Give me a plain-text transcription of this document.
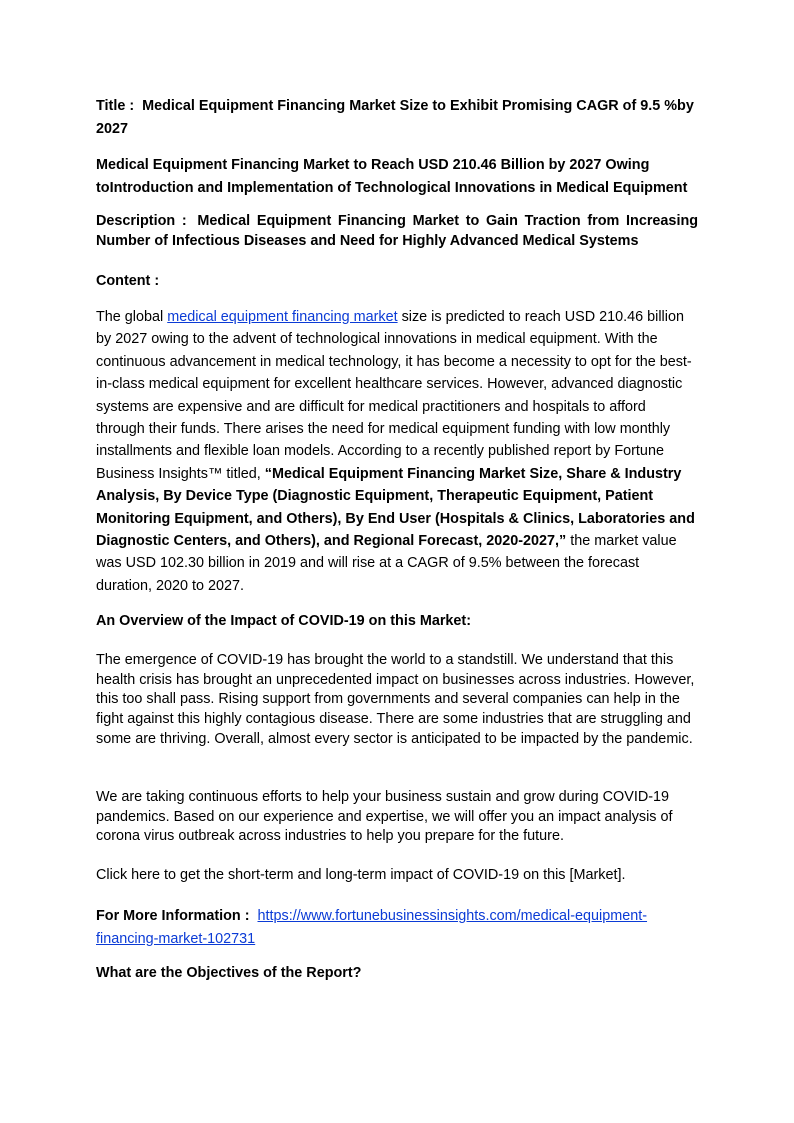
Title : Medical Equipment Financing Market Size to Exhibit Promising CAGR of 9.5 %by 2027

Medical Equipment Financing Market to Reach USD 210.46 Billion by 2027 Owing toIntroduction and Implementation of Technological Innovations in Medical Equipment

Description : Medical Equipment Financing Market to Gain Traction from Increasing Number of Infectious Diseases and Need for Highly Advanced Medical Systems

Content :

The global medical equipment financing market size is predicted to reach USD 210.46 billion by 2027 owing to the advent of technological innovations in medical equipment. With the continuous advancement in medical technology, it has become a necessity to opt for the best-in-class medical equipment for excellent healthcare services. However, advanced diagnostic systems are expensive and are difficult for medical practitioners and hospitals to afford through their funds. There arises the need for medical equipment funding with low monthly installments and flexible loan models. According to a recently published report by Fortune Business Insights™ titled, “Medical Equipment Financing Market Size, Share & Industry Analysis, By Device Type (Diagnostic Equipment, Therapeutic Equipment, Patient Monitoring Equipment, and Others), By End User (Hospitals & Clinics, Laboratories and Diagnostic Centers, and Others), and Regional Forecast, 2020-2027,” the market value was USD 102.30 billion in 2019 and will rise at a CAGR of 9.5% between the forecast duration, 2020 to 2027.

An Overview of the Impact of COVID-19 on this Market:

The emergence of COVID-19 has brought the world to a standstill. We understand that this health crisis has brought an unprecedented impact on businesses across industries. However, this too shall pass. Rising support from governments and several companies can help in the fight against this highly contagious disease. There are some industries that are struggling and some are thriving. Overall, almost every sector is anticipated to be impacted by the pandemic.

We are taking continuous efforts to help your business sustain and grow during COVID-19 pandemics. Based on our experience and expertise, we will offer you an impact analysis of corona virus outbreak across industries to help you prepare for the future.

Click here to get the short-term and long-term impact of COVID-19 on this [Market].

For More Information : https://www.fortunebusinessinsights.com/medical-equipment-financing-market-102731

What are the Objectives of the Report?
